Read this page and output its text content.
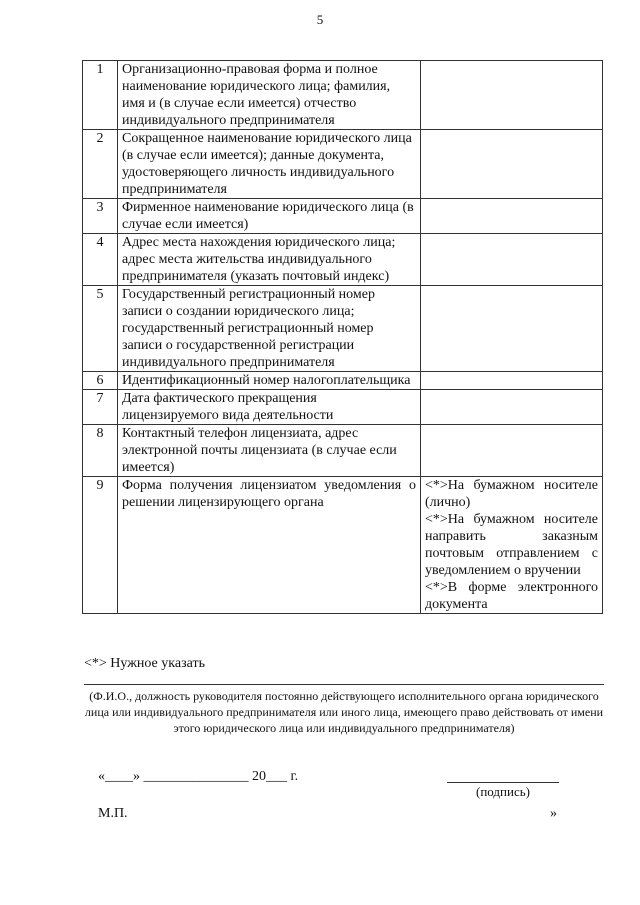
5
1	Организационно-правовая форма и полное наименование юридического лица; фамилия, имя и (в случае если имеется) отчество индивидуального предпринимателя	
2	Сокращенное наименование юридического лица (в случае если имеется); данные документа, удостоверяющего личность индивидуального предпринимателя	
3	Фирменное наименование юридического лица (в случае если имеется)	
4	Адрес места нахождения юридического лица; адрес места жительства индивидуального предпринимателя (указать почтовый индекс)	
5	Государственный регистрационный номер записи о создании юридического лица; государственный регистрационный номер записи о государственной регистрации индивидуального предпринимателя	
6	Идентификационный номер налогоплательщика	
7	Дата фактического прекращения лицензируемого вида деятельности	
8	Контактный телефон лицензиата, адрес электронной почты лицензиата (в случае если имеется)	
9	Форма получения лицензиатом уведомления о решении лицензирующего органа	<*>На бумажном носителе (лично)
<*>На бумажном носителе направить заказным почтовым отправлением с уведомлением о вручении
<*>В форме электронного документа
<*> Нужное указать
(Ф.И.О., должность руководителя постоянно действующего исполнительного органа юридического лица или индивидуального предпринимателя или иного лица, имеющего право действовать от имени этого юридического лица или индивидуального предпринимателя)
«____» _______________ 20___ г.
(подпись)
М.П.	»
